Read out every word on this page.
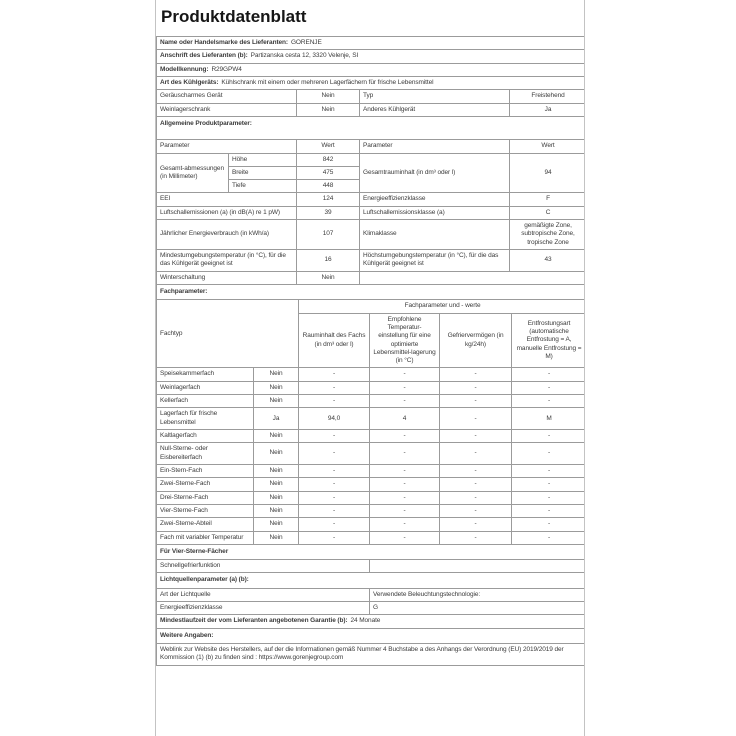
Produktdatenblatt
Name oder Handelsmarke des Lieferanten: GORENJE				
Anschrift des Lieferanten (b): Partizanska cesta 12, 3320 Velenje, SI				
Modellkennung: R29GPW4				
Art des Kühlgeräts: Kühlschrank mit einem oder mehreren Lagerfächern für frische Lebensmittel				
Geräuscharmes Gerät		Nein	Typ	Freistehend
Weinlagerschrank		Nein	Anderes Kühlgerät	Ja
Allgemeine Produktparameter:				
Parameter		Wert	Parameter	Wert
Gesamt-abmessungen (in Millimeter)	Höhe	842	Gesamtrauminhalt (in dm³ oder l)	94
	Breite	475		
	Tiefe	448		
EEI		124	Energieeffizienzklasse	F
Luftschallemissionen (a) (in dB(A) re 1 pW)		39	Luftschallemissionsklasse (a)	C
Jährlicher Energieverbrauch (in kWh/a)		107	Klimaklasse	gemäßigte Zone, subtropische Zone, tropische Zone
Mindestumgebungstemperatur (in °C), für die das Kühlgerät geeignet ist		16	Höchstumgebungstemperatur (in °C), für die das Kühlgerät geeignet ist	43
Winterschaltung		Nein		
Fachparameter:				
Fachtyp		Fachparameter und - werte			
		Rauminhalt des Fachs (in dm³ oder l)	Empfohlene Temperatur-einstellung für eine optimierte Lebensmittel-lagerung (in °C)	Gefriervermögen (in kg/24h)	Entfrostungsart (automatische Entfrostung = A, manuelle Entfrostung = M)
Speisekammerfach	Nein	-	-	-	-
Weinlagerfach	Nein	-	-	-	-
Kellerfach	Nein	-	-	-	-
Lagerfach für frische Lebensmittel	Ja	94,0	4	-	M
Kaltlagerfach	Nein	-	-	-	-
Null-Sterne- oder Eisbereiterfach	Nein	-	-	-	-
Ein-Stern-Fach	Nein	-	-	-	-
Zwei-Sterne-Fach	Nein	-	-	-	-
Drei-Sterne-Fach	Nein	-	-	-	-
Vier-Sterne-Fach	Nein	-	-	-	-
Zwei-Sterne-Abteil	Nein	-	-	-	-
Fach mit variabler Temperatur	Nein	-	-	-	-
Für Vier-Sterne-Fächer	
Schnellgefrierfunktion	
Lichtquellenparameter (a) (b):	
Art der Lichtquelle	Verwendete Beleuchtungstechnologie:
Energieeffizienzklasse	G
Mindestlaufzeit der vom Lieferanten angebotenen Garantie (b): 24 Monate	
Weitere Angaben:	
Weblink zur Website des Herstellers, auf der die Informationen gemäß Nummer 4 Buchstabe a des Anhangs der Verordnung (EU) 2019/2019 der Kommission (1) (b) zu finden sind : https://www.gorenjegroup.com	
